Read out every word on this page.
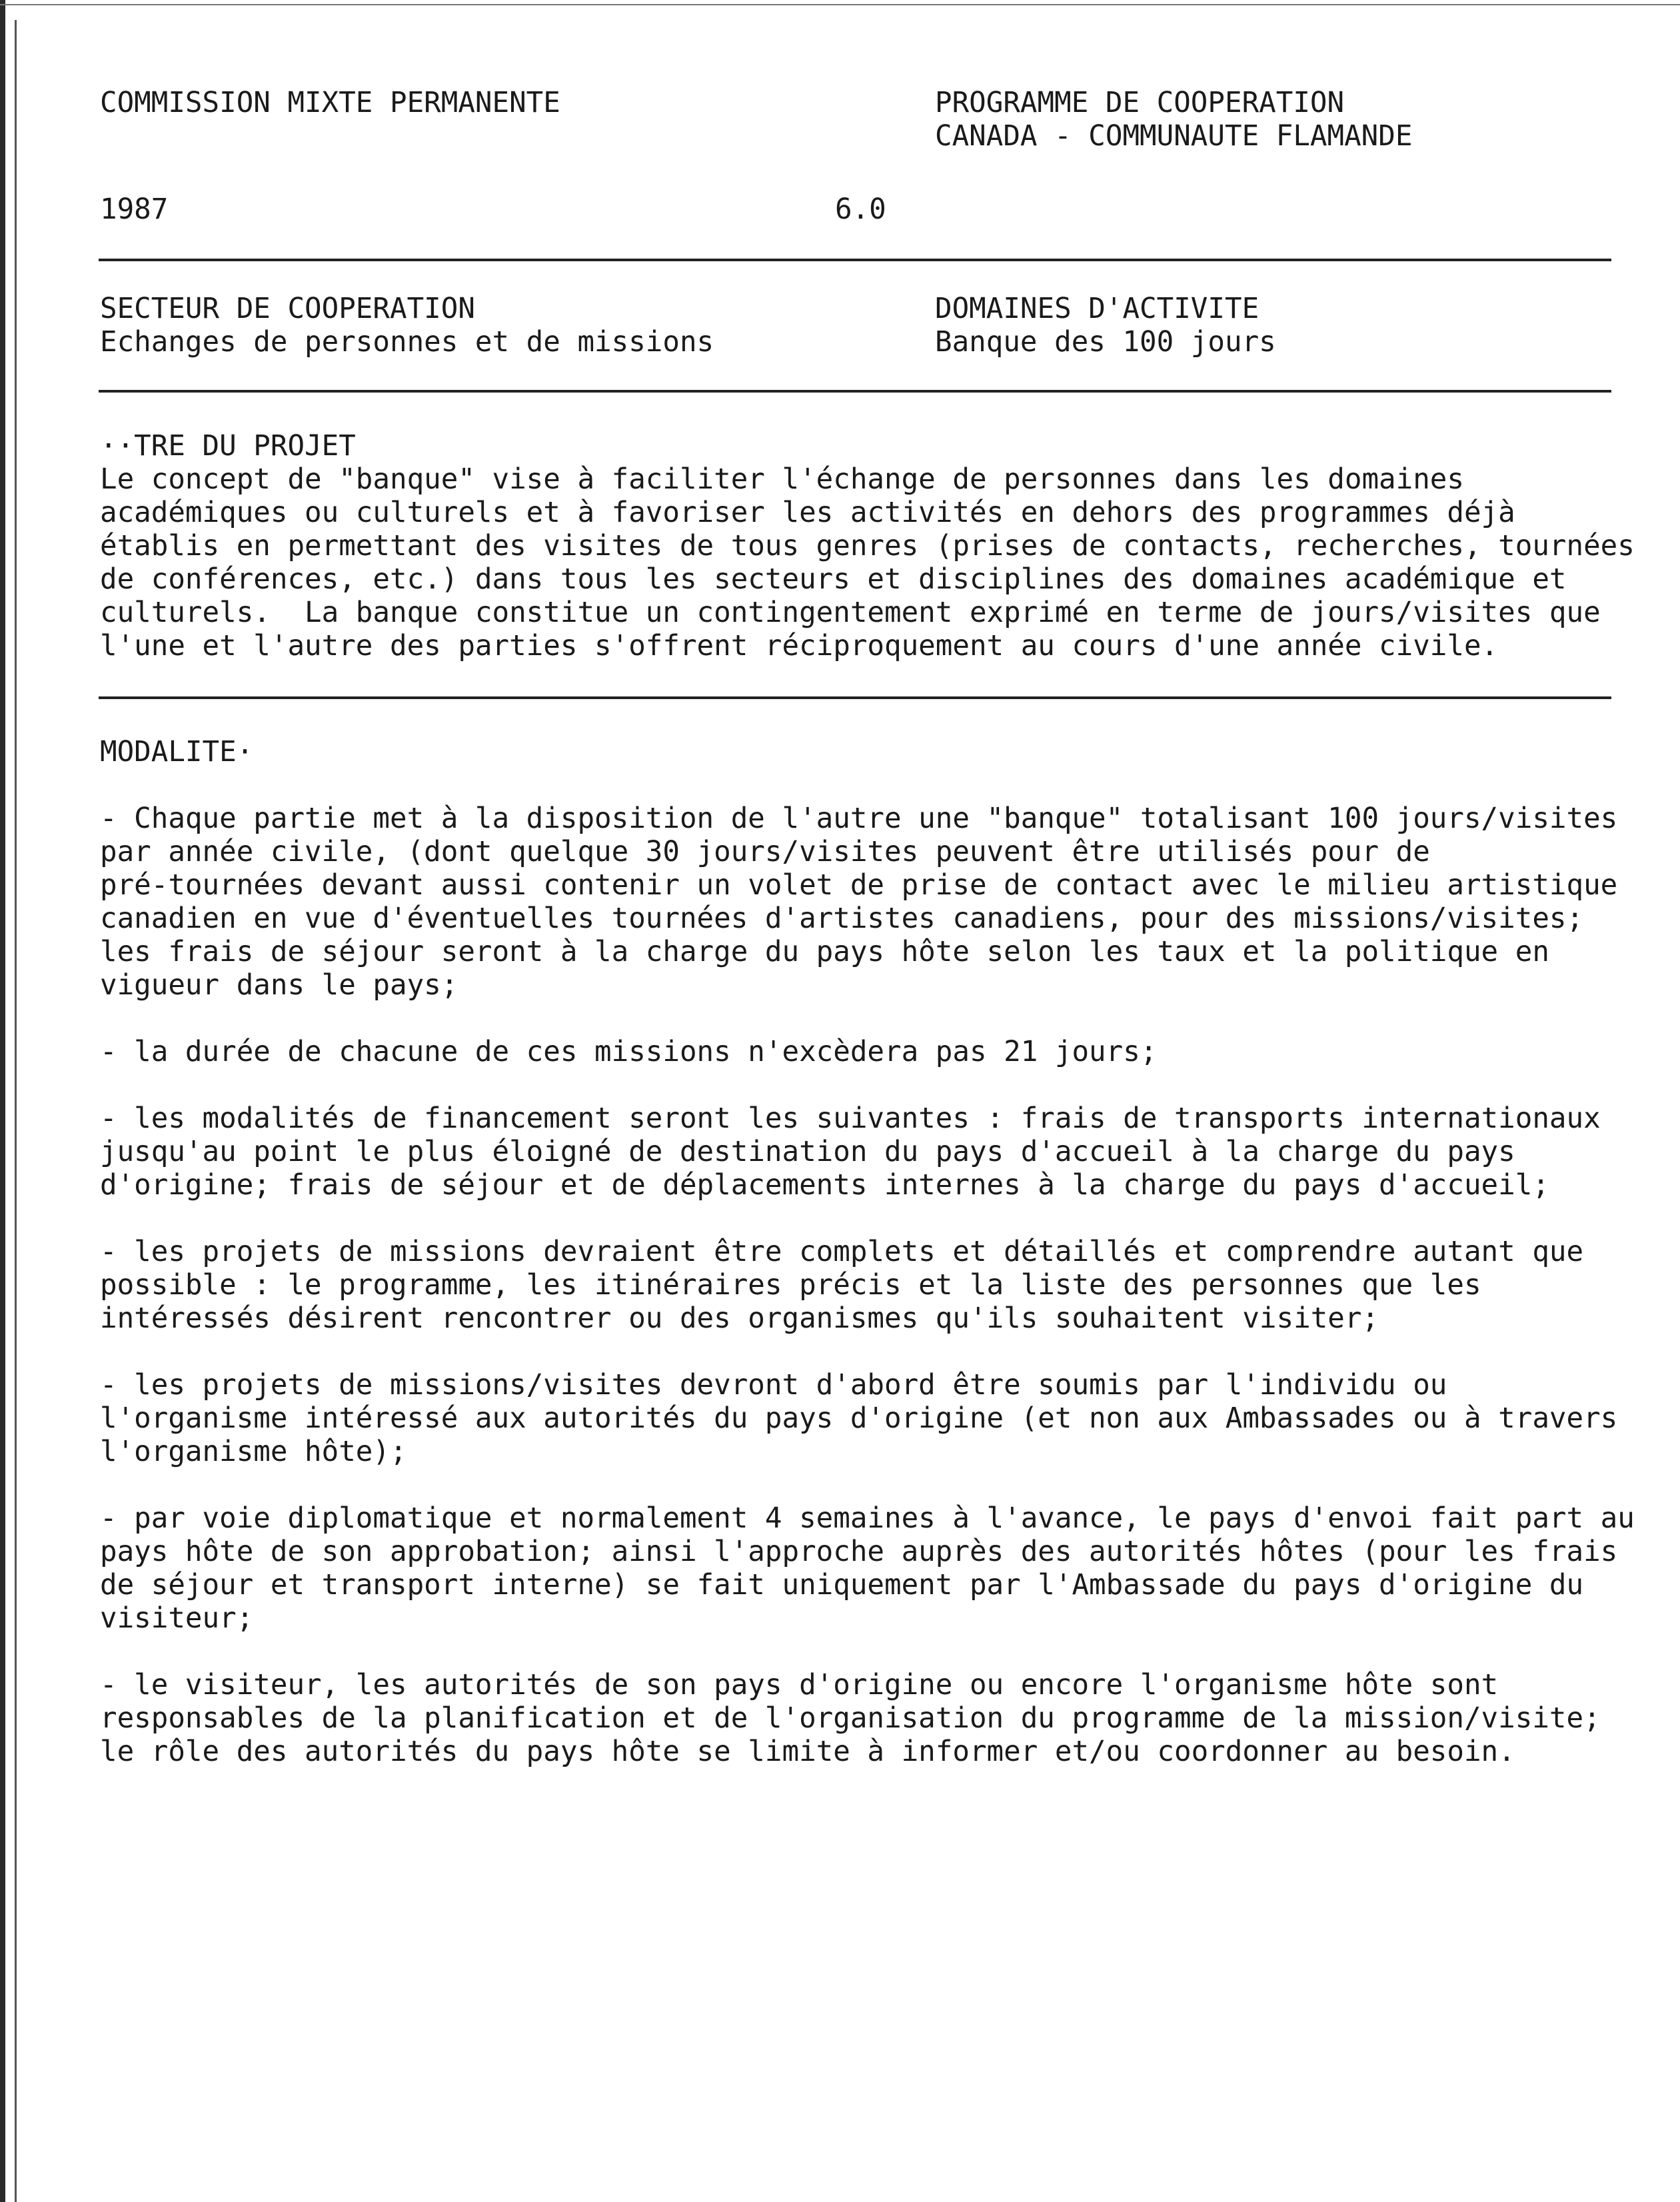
COMMISSION MIXTE PERMANENTE	PROGRAMME DE COOPERATION
CANADA - COMMUNAUTE FLAMANDE
1987	6.0
SECTEUR DE COOPERATION
Echanges de personnes et de missions
DOMAINES D'ACTIVITE
Banque des 100 jours
··TRE DU PROJET
Le concept de "banque" vise à faciliter l'échange de personnes dans les domaines
académiques ou culturels et à favoriser les activités en dehors des programmes déjà
établis en permettant des visites de tous genres (prises de contacts, recherches, tournées
de conférences, etc.) dans tous les secteurs et disciplines des domaines académique et
culturels.  La banque constitue un contingentement exprimé en terme de jours/visites que
l'une et l'autre des parties s'offrent réciproquement au cours d'une année civile.
MODALITE·
- Chaque partie met à la disposition de l'autre une "banque" totalisant 100 jours/visites
par année civile, (dont quelque 30 jours/visites peuvent être utilisés pour de
pré-tournées devant aussi contenir un volet de prise de contact avec le milieu artistique
canadien en vue d'éventuelles tournées d'artistes canadiens, pour des missions/visites;
les frais de séjour seront à la charge du pays hôte selon les taux et la politique en
vigueur dans le pays;
- la durée de chacune de ces missions n'excèdera pas 21 jours;
- les modalités de financement seront les suivantes : frais de transports internationaux
jusqu'au point le plus éloigné de destination du pays d'accueil à la charge du pays
d'origine; frais de séjour et de déplacements internes à la charge du pays d'accueil;
- les projets de missions devraient être complets et détaillés et comprendre autant que
possible : le programme, les itinéraires précis et la liste des personnes que les
intéressés désirent rencontrer ou des organismes qu'ils souhaitent visiter;
- les projets de missions/visites devront d'abord être soumis par l'individu ou
l'organisme intéressé aux autorités du pays d'origine (et non aux Ambassades ou à travers
l'organisme hôte);
- par voie diplomatique et normalement 4 semaines à l'avance, le pays d'envoi fait part au
pays hôte de son approbation; ainsi l'approche auprès des autorités hôtes (pour les frais
de séjour et transport interne) se fait uniquement par l'Ambassade du pays d'origine du
visiteur;
- le visiteur, les autorités de son pays d'origine ou encore l'organisme hôte sont
responsables de la planification et de l'organisation du programme de la mission/visite;
le rôle des autorités du pays hôte se limite à informer et/ou coordonner au besoin.
